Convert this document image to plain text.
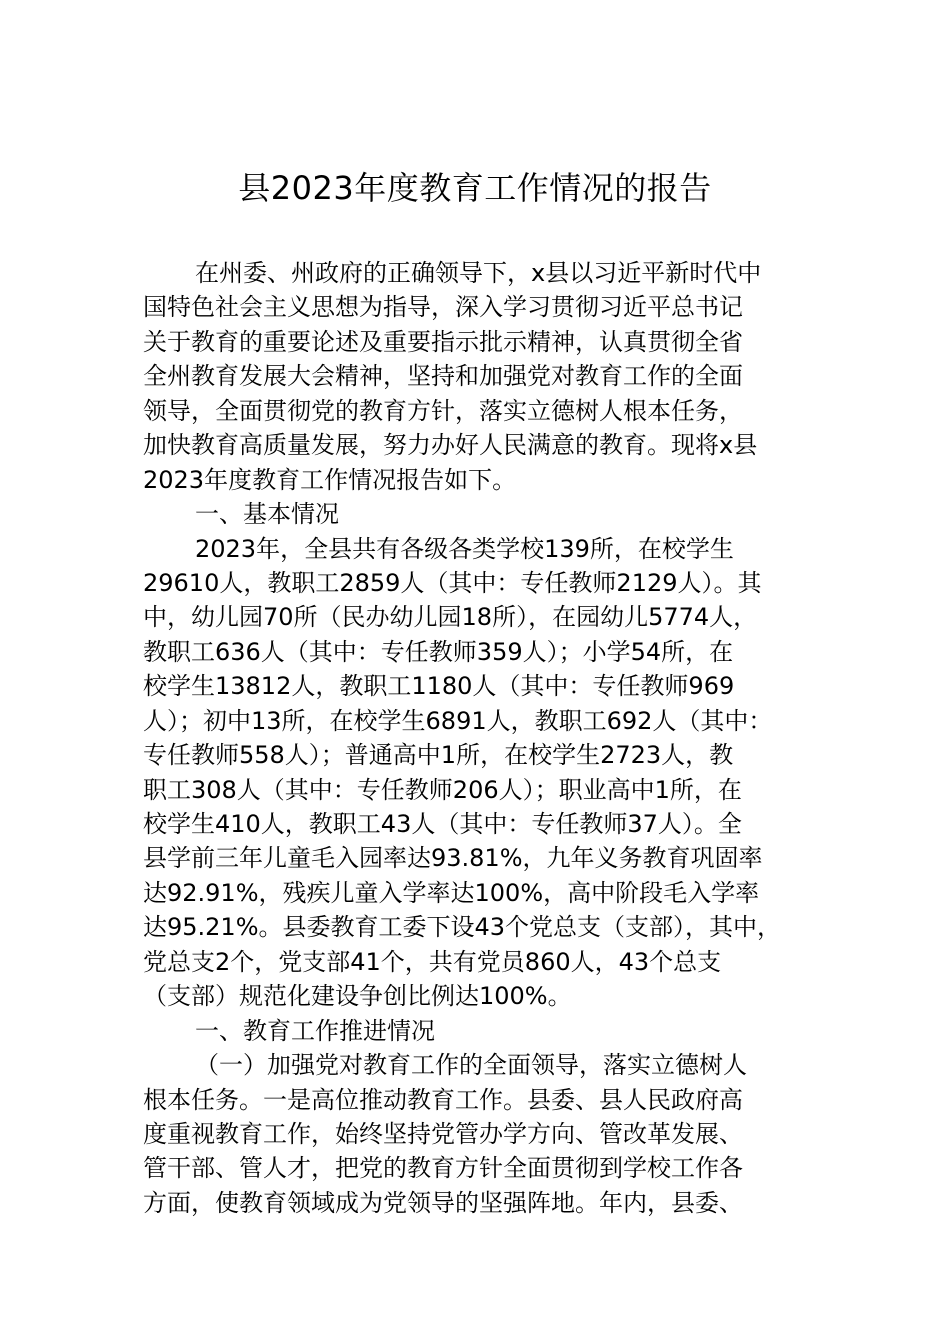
县2023年度教育工作情况的报告
在州委、州政府的正确领导下，x县以习近平新时代中
国特色社会主义思想为指导，深入学习贯彻习近平总书记
关于教育的重要论述及重要指示批示精神，认真贯彻全省
全州教育发展大会精神，坚持和加强党对教育工作的全面
领导，全面贯彻党的教育方针，落实立德树人根本任务，
加快教育高质量发展，努力办好人民满意的教育。现将x县
2023年度教育工作情况报告如下。
一、基本情况
2023年，全县共有各级各类学校139所，在校学生
29610人，教职工2859人（其中：专任教师2129人）。其
中，幼儿园70所（民办幼儿园18所），在园幼儿5774人，
教职工636人（其中：专任教师359人）；小学54所，在
校学生13812人，教职工1180人（其中：专任教师969
人）；初中13所，在校学生6891人，教职工692人（其中：
专任教师558人）；普通高中1所，在校学生2723人，教
职工308人（其中：专任教师206人）；职业高中1所，在
校学生410人，教职工43人（其中：专任教师37人）。全
县学前三年儿童毛入园率达93.81%，九年义务教育巩固率
达92.91%，残疾儿童入学率达100%，高中阶段毛入学率
达95.21%。县委教育工委下设43个党总支（支部），其中，
党总支2个，党支部41个，共有党员860人，43个总支
（支部）规范化建设争创比例达100%。
一、教育工作推进情况
（一）加强党对教育工作的全面领导，落实立德树人
根本任务。一是高位推动教育工作。县委、县人民政府高
度重视教育工作，始终坚持党管办学方向、管改革发展、
管干部、管人才，把党的教育方针全面贯彻到学校工作各
方面，使教育领域成为党领导的坚强阵地。年内，县委、
